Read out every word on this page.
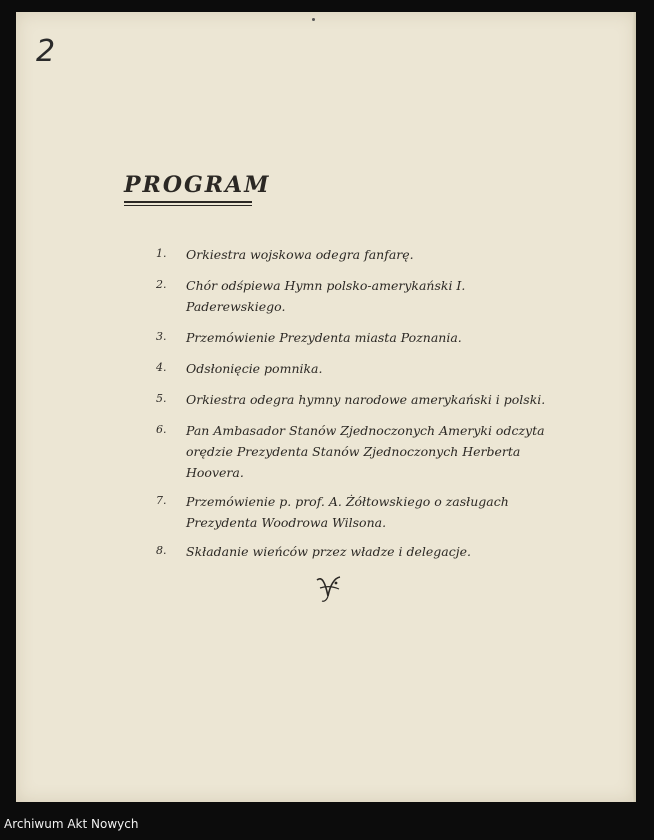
2
PROGRAM
1.	Orkiestra wojskowa odegra fanfarę.
2.	Chór odśpiewa Hymn polsko-amerykański I. Paderewskiego.
3.	Przemówienie Prezydenta miasta Poznania.
4.	Odsłonięcie pomnika.
5.	Orkiestra odegra hymny narodowe amerykański i polski.
6.	Pan Ambasador Stanów Zjednoczonych Ameryki odczyta orędzie Prezydenta Stanów Zjednoczonych Herberta Hoovera.
7.	Przemówienie p. prof. A. Żółtowskiego o zasługach Prezydenta Woodrowa Wilsona.
8.	Składanie wieńców przez władze i delegacje.
Archiwum Akt Nowych
